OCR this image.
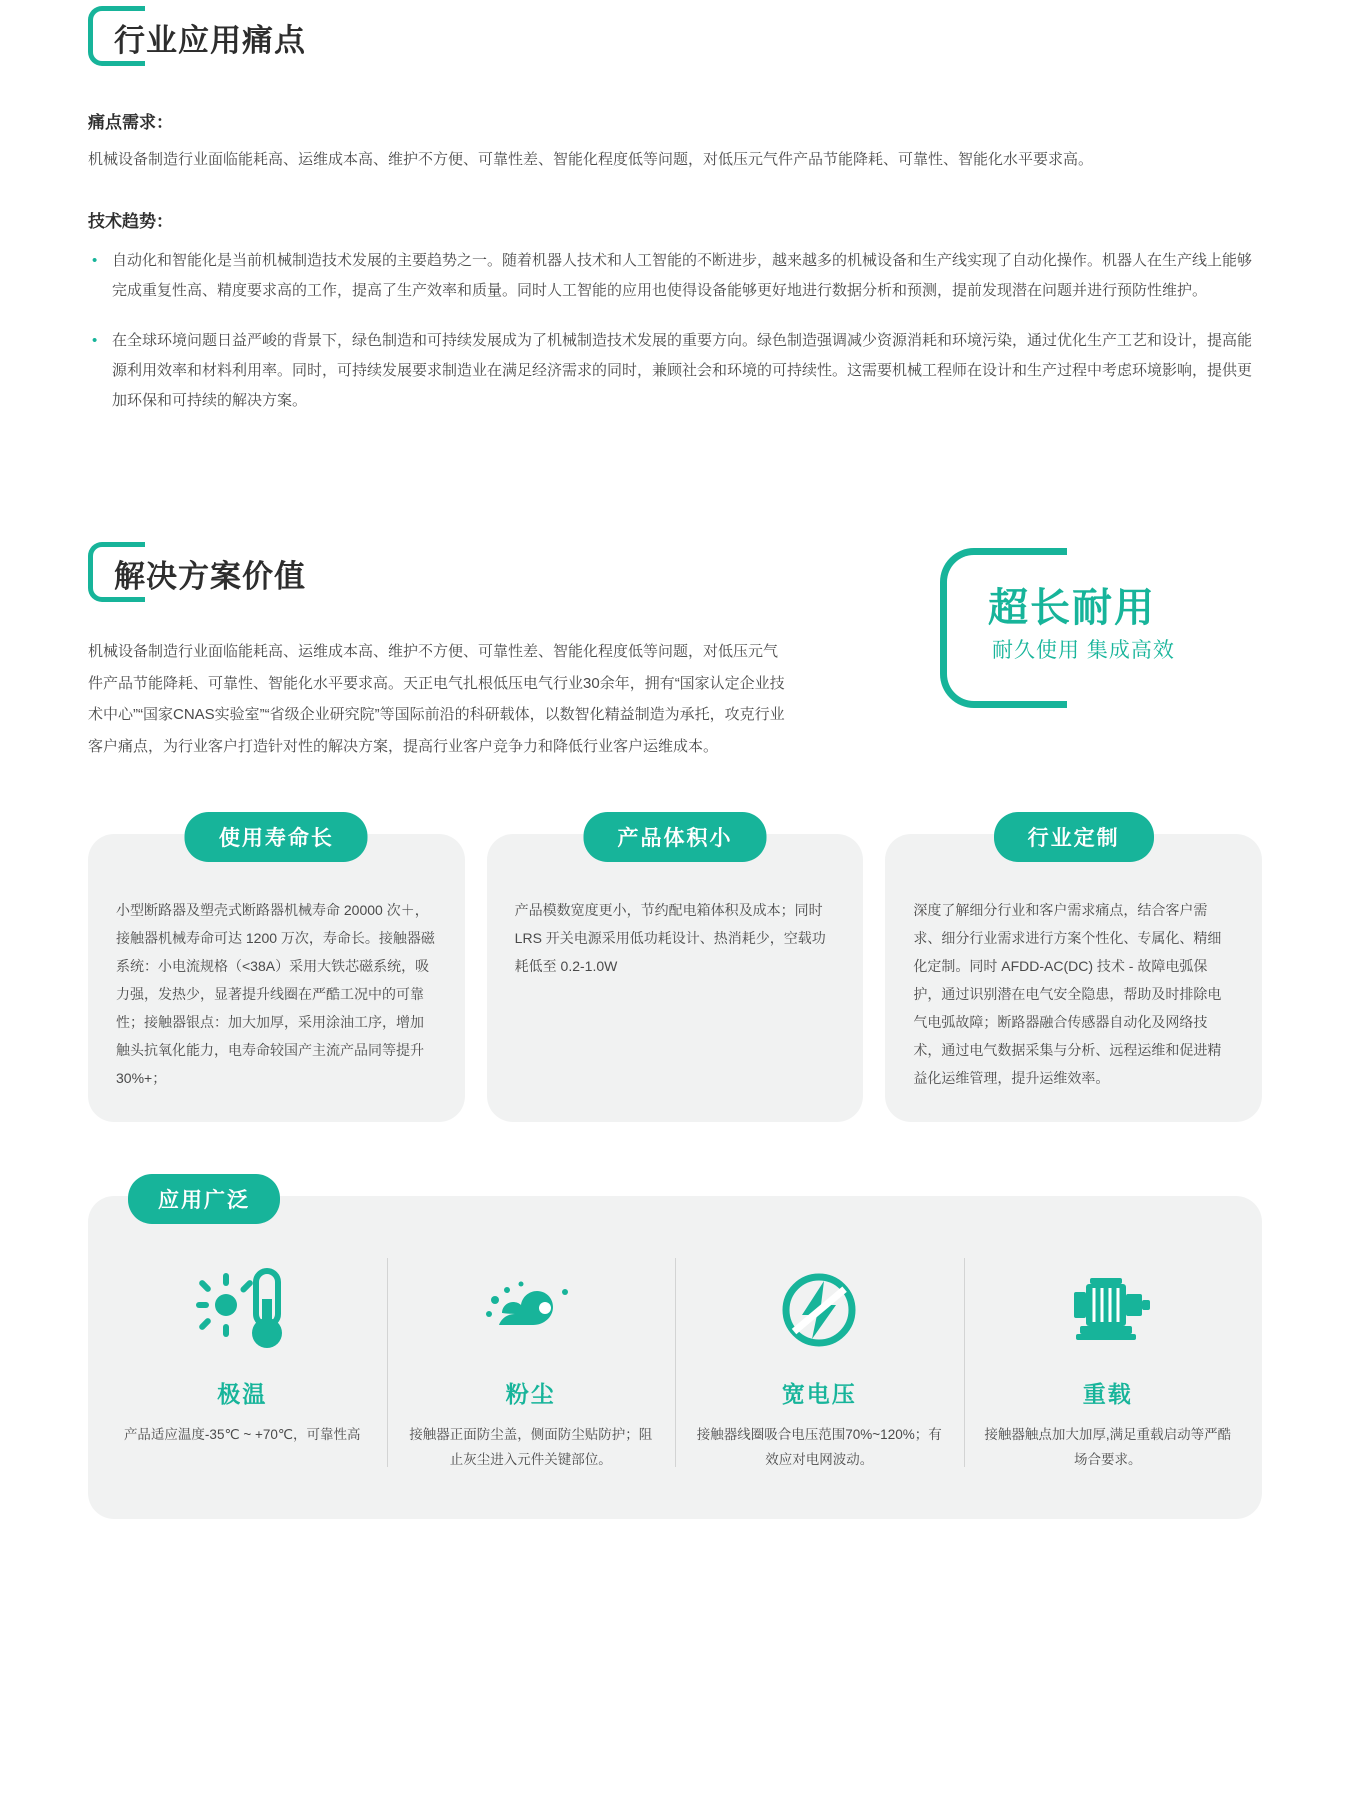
行业应用痛点
痛点需求：
机械设备制造行业面临能耗高、运维成本高、维护不方便、可靠性差、智能化程度低等问题，对低压元气件产品节能降耗、可靠性、智能化水平要求高。
技术趋势：
• 自动化和智能化是当前机械制造技术发展的主要趋势之一。随着机器人技术和人工智能的不断进步，越来越多的机械设备和生产线实现了自动化操作。机器人在生产线上能够完成重复性高、精度要求高的工作，提高了生产效率和质量。同时人工智能的应用也使得设备能够更好地进行数据分析和预测，提前发现潜在问题并进行预防性维护。
• 在全球环境问题日益严峻的背景下，绿色制造和可持续发展成为了机械制造技术发展的重要方向。绿色制造强调减少资源消耗和环境污染，通过优化生产工艺和设计，提高能源利用效率和材料利用率。同时，可持续发展要求制造业在满足经济需求的同时，兼顾社会和环境的可持续性。这需要机械工程师在设计和生产过程中考虑环境影响，提供更加环保和可持续的解决方案。
解决方案价值
超长耐用
耐久使用 集成高效
机械设备制造行业面临能耗高、运维成本高、维护不方便、可靠性差、智能化程度低等问题，对低压元气件产品节能降耗、可靠性、智能化水平要求高。天正电气扎根低压电气行业30余年，拥有“国家认定企业技术中心”“国家CNAS实验室”“省级企业研究院”等国际前沿的科研载体，以数智化精益制造为承托，攻克行业客户痛点，为行业客户打造针对性的解决方案，提高行业客户竞争力和降低行业客户运维成本。
使用寿命长
小型断路器及塑壳式断路器机械寿命 20000 次＋，接触器机械寿命可达 1200 万次，寿命长。接触器磁系统：小电流规格（<38A）采用大铁芯磁系统，吸力强，发热少，显著提升线圈在严酷工况中的可靠性；接触器银点：加大加厚，采用涂油工序，增加触头抗氧化能力，电寿命较国产主流产品同等提升30%+；
产品体积小
产品模数宽度更小，节约配电箱体积及成本；同时 LRS 开关电源采用低功耗设计、热消耗少，空载功耗低至 0.2-1.0W
行业定制
深度了解细分行业和客户需求痛点，结合客户需求、细分行业需求进行方案个性化、专属化、精细化定制。同时 AFDD-AC(DC) 技术 - 故障电弧保护，通过识别潜在电气安全隐患，帮助及时排除电气电弧故障；断路器融合传感器自动化及网络技术，通过电气数据采集与分析、远程运维和促进精益化运维管理，提升运维效率。
应用广泛
极温
产品适应温度-35℃ ~ +70℃，可靠性高
粉尘
接触器正面防尘盖，侧面防尘贴防护；阻止灰尘进入元件关键部位。
宽电压
接触器线圈吸合电压范围70%~120%；有效应对电网波动。
重载
接触器触点加大加厚,满足重载启动等严酷场合要求。
